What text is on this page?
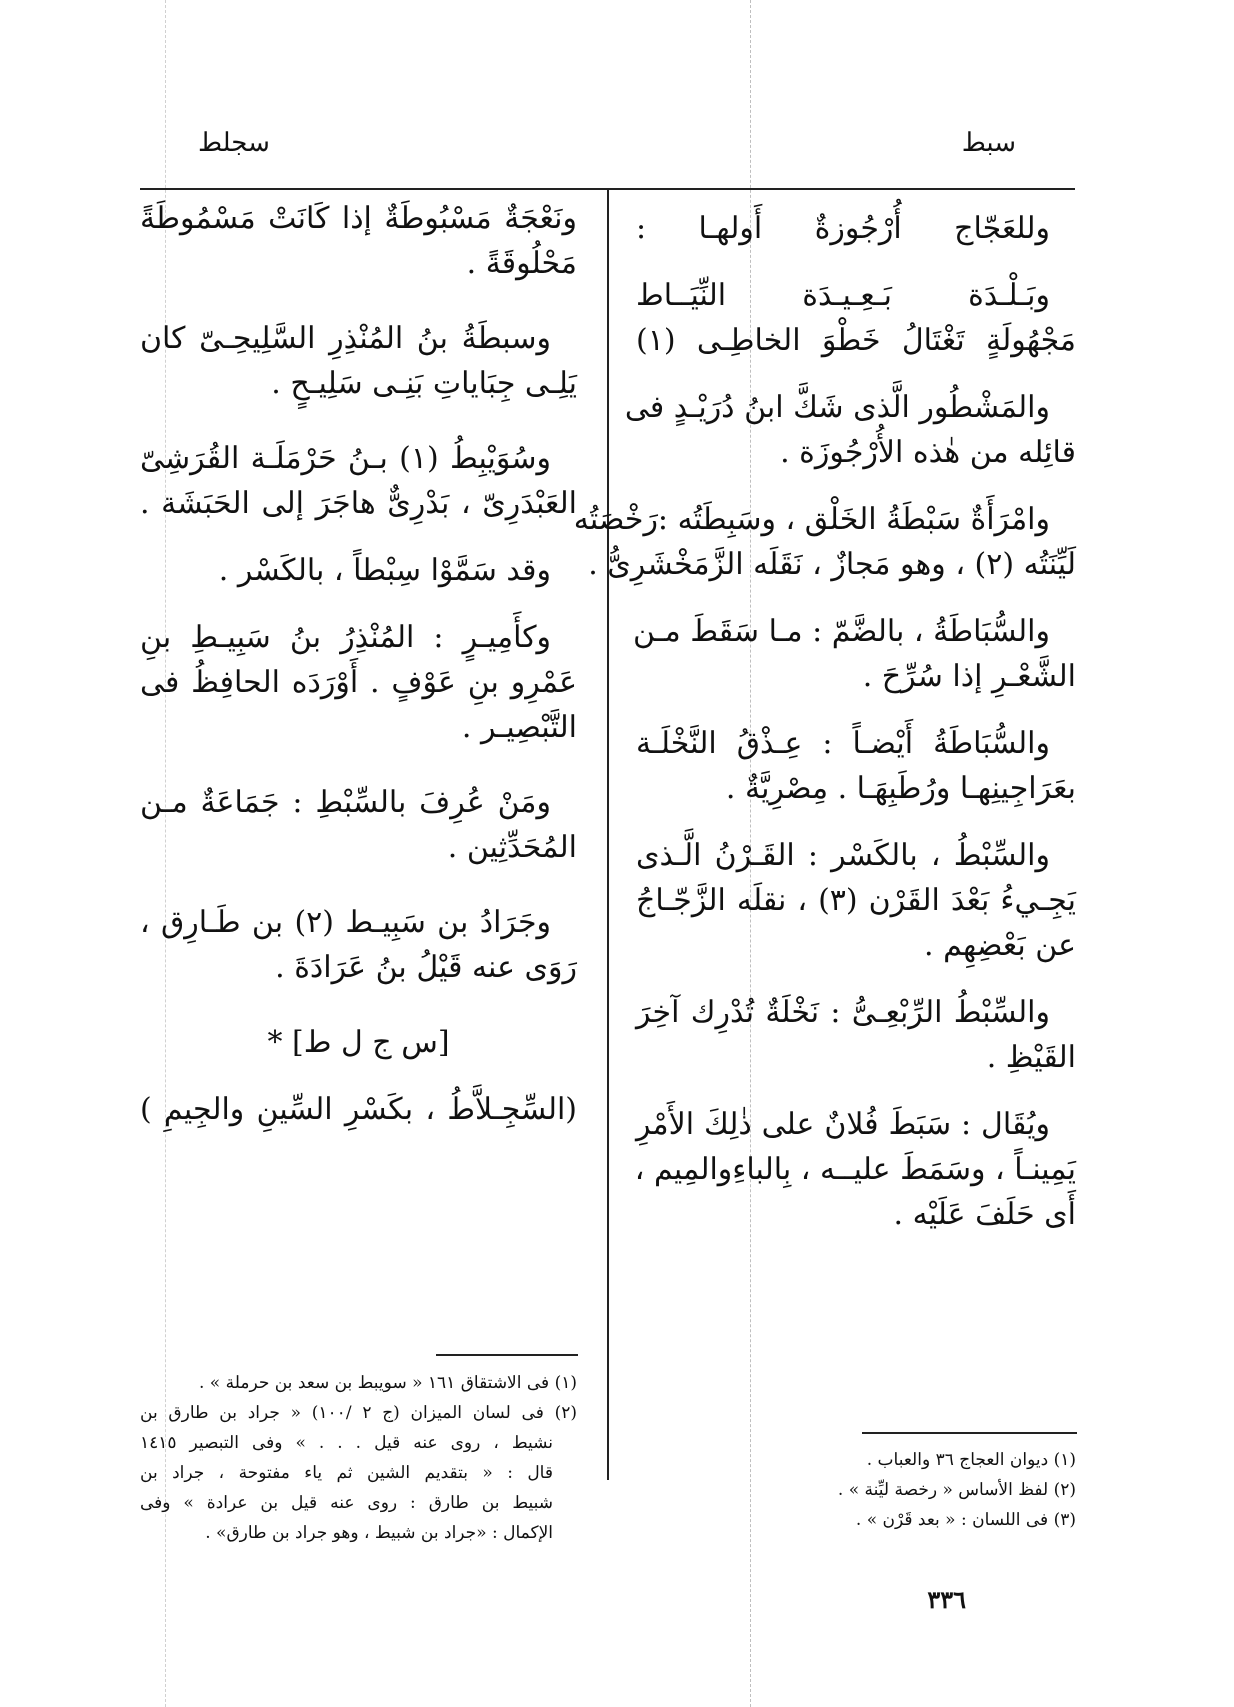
سبط
سجلط
وللعَجّاج أُرْجُوزةٌ أَولهـا :
وبَـلْـدَة بَـعِـيـدَة النِّيَــاط
مَجْهُولَةٍ تَغْتَالُ خَطْوَ الخاطِـى (١)
والمَشْطُور الَّذى شَكَّ ابنُ دُرَيْـدٍ فى
قائِله من هٰذه الأُرْجُوزَة .
وامْرَأَةٌ سَبْطَةُ الخَلْق ، وسَبِطَتُه :رَخْصَتُه
لَيِّنَتُه (٢) ، وهو مَجازٌ ، نَقَلَه الزَّمَخْشَرِىُّ .
والسُّبَاطَةُ ، بالضَّمّ : مـا سَقَطَ مـن
الشَّعْـرِ إذا سُرِّحَ .
والسُّبَاطَةُ أَيْضـاً : عِـذْقُ النَّخْلَـة
بعَرَاجِينِهـا ورُطَبِهَـا . مِصْرِيَّةٌ .
والسِّبْطُ ، بالكَسْر : القَـرْنُ الَّـذى
يَجِـيءُ بَعْدَ القَرْن (٣) ، نقلَه الزَّجّـاجُ
عن بَعْضِهِم .
والسِّبْطُ الرِّبْعِـىُّ : نَخْلَةٌ تُدْرِك آخِرَ
القَيْظِ .
ويُقَال : سَبَطَ فُلانٌ على ذٰلِكَ الأَمْرِ
يَمِينـاً ، وسَمَطَ عليــه ، بِالباءِوالمِيم ،
أَى حَلَفَ عَلَيْه .
ونَعْجَةٌ مَسْبُوطَةٌ إذا كَانَتْ مَسْمُوطَةً
مَحْلُوقَةً .
وسبطَةُ بنُ المُنْذِرِ السَّلِيحِـىّ كان
يَلِـى جِبَاياتِ بَنِـى سَلِيـحٍ .
وسُوَيْبِطُ (١) بـنُ حَرْمَلَـة القُرَشِىّ
العَبْدَرِىّ ، بَدْرِىٌّ هاجَرَ إلى الحَبَشَة .
وقد سَمَّوْا سِبْطاً ، بالكَسْر .
وكأَمِيـرٍ : المُنْذِرُ بنُ سَبِيـطِ بنِ
عَمْرِو بنِ عَوْفٍ . أَوْرَدَه الحافِظُ فى
التَّبْصِيـر .
ومَنْ عُرِفَ بالسِّبْطِ : جَمَاعَةٌ مـن
المُحَدِّثِين .
وجَرَادُ بن سَبِيـط (٢) بن طَـارِق ،
رَوَى عنه قَيْلُ بنُ عَرَادَةَ .
[س ج ل ط] *
(السِّجِـلاَّطُ ، بكَسْرِ السِّينِ والجِيمِ )
(١) فى الاشتقاق ١٦١ « سويبط بن سعد بن حرملة » .
(٢) فى لسان الميزان (ج ٢ /١٠٠) « جراد بن طارق بن
نشيط ، روى عنه قيل . . . » وفى التبصير ١٤١٥
قال : « بتقديم الشين ثم ياء مفتوحة ، جراد بن
شبيط بن طارق : روى عنه قيل بن عرادة » وفى
الإكمال : «جراد بن شبيط ، وهو جراد بن طارق» .
(١) ديوان العجاج ٣٦ والعباب .
(٢) لفظ الأساس « رخصة ليِّنة » .
(٣) فى اللسان : « بعد قَرْن » .
٣٣٦
